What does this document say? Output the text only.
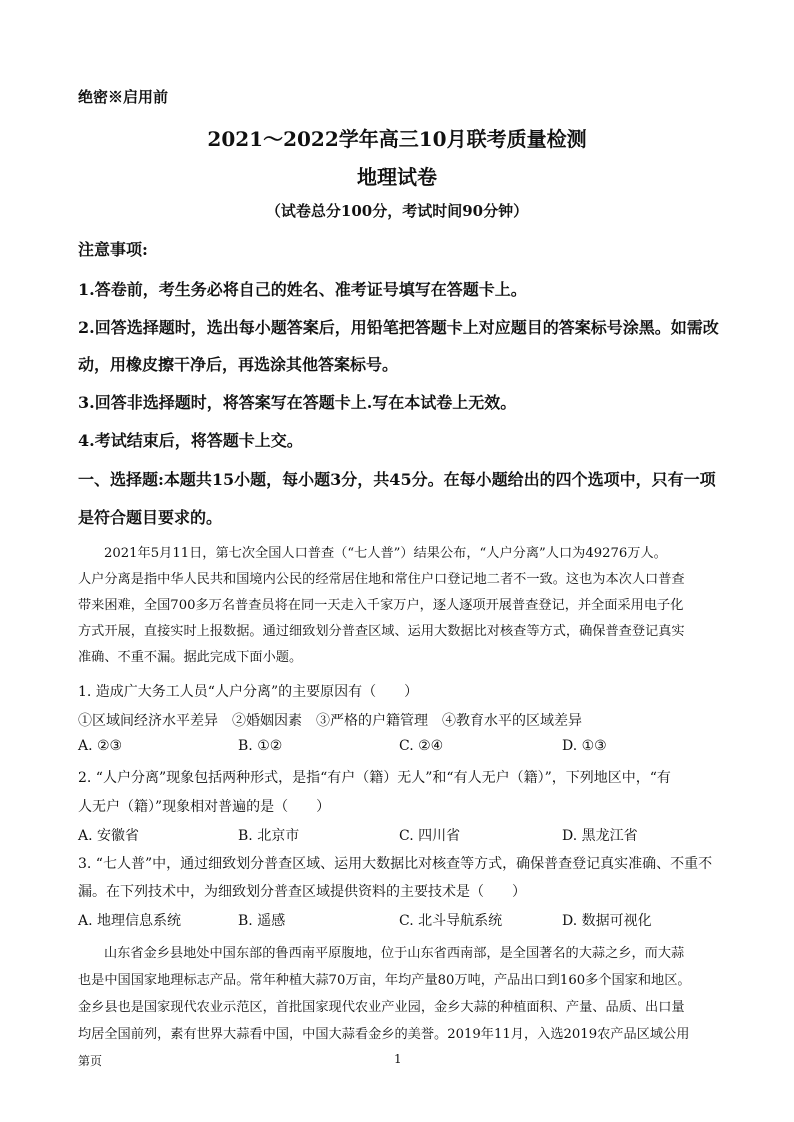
绝密※启用前
2021～2022学年高三10月联考质量检测
地理试卷
（试卷总分100分，考试时间90分钟）
注意事项:
1.答卷前，考生务必将自己的姓名、准考证号填写在答题卡上。
2.回答选择题时，选出每小题答案后，用铅笔把答题卡上对应题目的答案标号涂黑。如需改
动，用橡皮擦干净后，再选涂其他答案标号。
3.回答非选择题时，将答案写在答题卡上.写在本试卷上无效。
4.考试结束后，将答题卡上交。
一、选择题:本题共15小题，每小题3分，共45分。在每小题给出的四个选项中，只有一项
是符合题目要求的。
2021年5月11日，第七次全国人口普查（“七人普”）结果公布，“人户分离”人口为49276万人。
人户分离是指中华人民共和国境内公民的经常居住地和常住户口登记地二者不一致。这也为本次人口普查
带来困难，全国700多万名普查员将在同一天走入千家万户，逐人逐项开展普查登记，并全面采用电子化
方式开展，直接实时上报数据。通过细致划分普查区域、运用大数据比对核查等方式，确保普查登记真实
准确、不重不漏。据此完成下面小题。
1. 造成广大务工人员“人户分离”的主要原因有（　　）
①区域间经济水平差异　②婚姻因素　③严格的户籍管理　④教育水平的区域差异
A. ②③	B. ①②	C. ②④	D. ①③
2. “人户分离”现象包括两种形式，是指“有户（籍）无人”和“有人无户（籍）”，下列地区中，“有
人无户（籍）”现象相对普遍的是（　　）
A. 安徽省	B. 北京市	C. 四川省	D. 黑龙江省
3. “七人普”中，通过细致划分普查区域、运用大数据比对核查等方式，确保普查登记真实准确、不重不
漏。在下列技术中，为细致划分普查区域提供资料的主要技术是（　　）
A. 地理信息系统	B. 遥感	C. 北斗导航系统	D. 数据可视化
山东省金乡县地处中国东部的鲁西南平原腹地，位于山东省西南部，是全国著名的大蒜之乡，而大蒜
也是中国国家地理标志产品。常年种植大蒜70万亩，年均产量80万吨，产品出口到160多个国家和地区。
金乡县也是国家现代农业示范区，首批国家现代农业产业园，金乡大蒜的种植面积、产量、品质、出口量
均居全国前列，素有世界大蒜看中国，中国大蒜看金乡的美誉。2019年11月，入选2019农产品区域公用
第页	1
